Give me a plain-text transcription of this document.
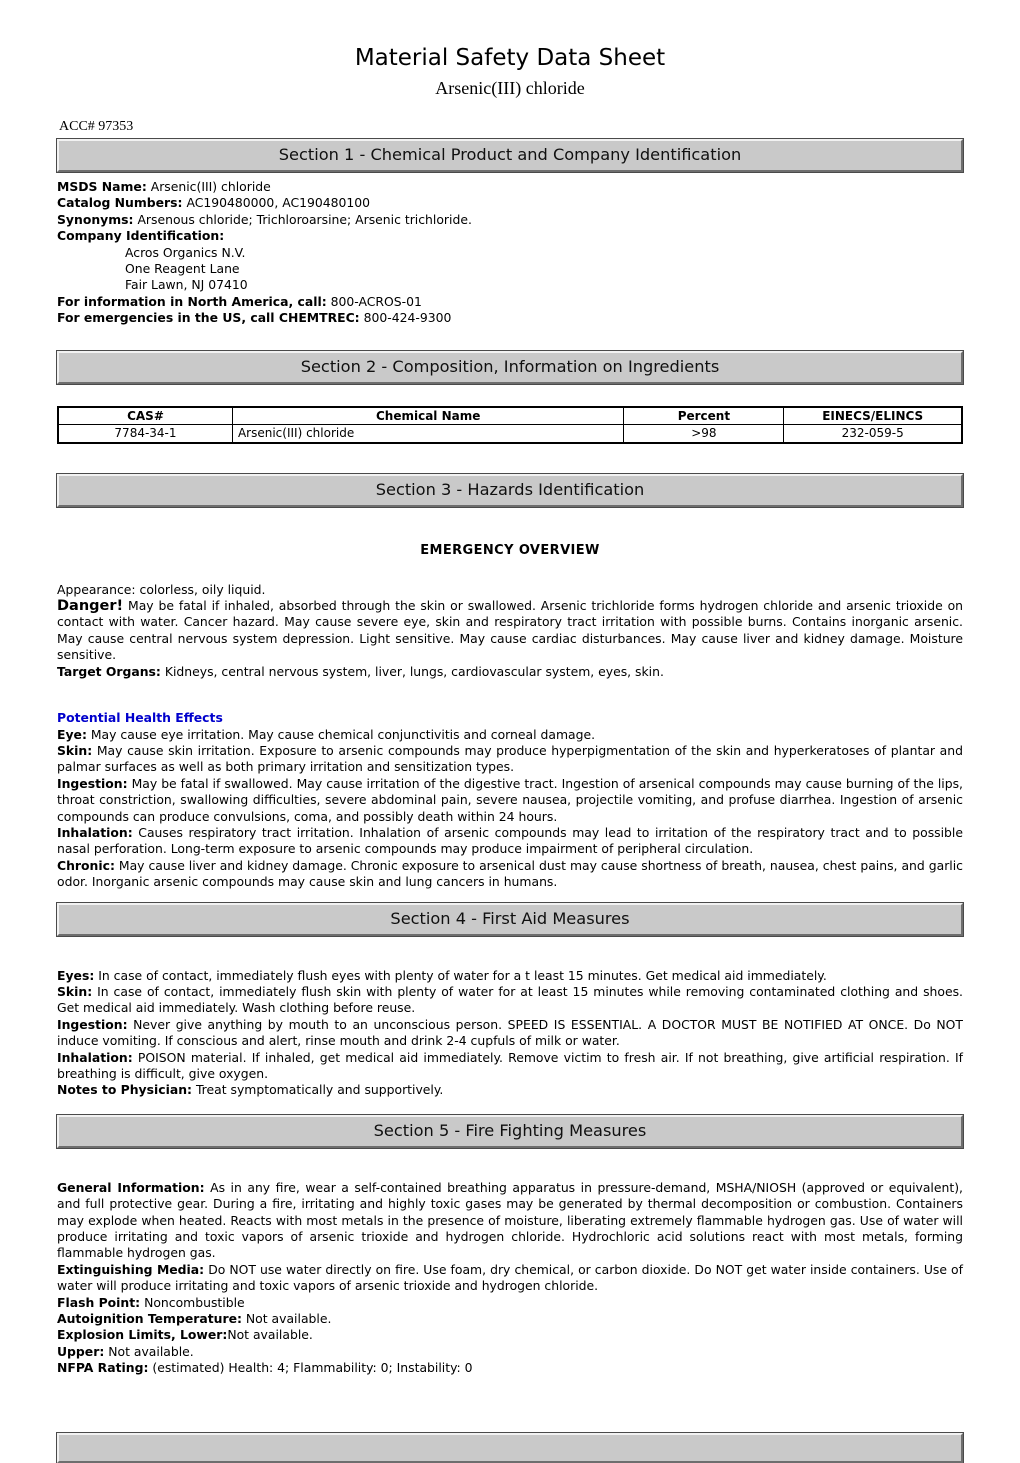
Material Safety Data Sheet
Arsenic(III) chloride
ACC# 97353
Section 1 - Chemical Product and Company Identification

MSDS Name: Arsenic(III) chloride

Catalog Numbers: AC190480000, AC190480100

Synonyms: Arsenous chloride; Trichloroarsine; Arsenic trichloride.

Company Identification:

Acros Organics N.V.

One Reagent Lane

Fair Lawn, NJ 07410

For information in North America, call: 800-ACROS-01

For emergencies in the US, call CHEMTREC: 800-424-9300

Section 2 - Composition, Information on Ingredients
CAS#	Chemical Name	Percent	EINECS/ELINCS
7784-34-1	Arsenic(III) chloride	>98	232-059-5
Section 3 - Hazards Identification

EMERGENCY OVERVIEW

Appearance: colorless, oily liquid.

Danger! May be fatal if inhaled, absorbed through the skin or swallowed. Arsenic trichloride forms hydrogen chloride and arsenic trioxide on contact with water. Cancer hazard. May cause severe eye, skin and respiratory tract irritation with possible burns. Contains inorganic arsenic. May cause central nervous system depression. Light sensitive. May cause cardiac disturbances. May cause liver and kidney damage. Moisture sensitive.

Target Organs: Kidneys, central nervous system, liver, lungs, cardiovascular system, eyes, skin.

Potential Health Effects

Eye: May cause eye irritation. May cause chemical conjunctivitis and corneal damage.

Skin: May cause skin irritation. Exposure to arsenic compounds may produce hyperpigmentation of the skin and hyperkeratoses of plantar and palmar surfaces as well as both primary irritation and sensitization types.

Ingestion: May be fatal if swallowed. May cause irritation of the digestive tract. Ingestion of arsenical compounds may cause burning of the lips, throat constriction, swallowing difficulties, severe abdominal pain, severe nausea, projectile vomiting, and profuse diarrhea. Ingestion of arsenic compounds can produce convulsions, coma, and possibly death within 24 hours.

Inhalation: Causes respiratory tract irritation. Inhalation of arsenic compounds may lead to irritation of the respiratory tract and to possible nasal perforation. Long-term exposure to arsenic compounds may produce impairment of peripheral circulation.

Chronic: May cause liver and kidney damage. Chronic exposure to arsenical dust may cause shortness of breath, nausea, chest pains, and garlic odor. Inorganic arsenic compounds may cause skin and lung cancers in humans.

Section 4 - First Aid Measures

Eyes: In case of contact, immediately flush eyes with plenty of water for a t least 15 minutes. Get medical aid immediately.

Skin: In case of contact, immediately flush skin with plenty of water for at least 15 minutes while removing contaminated clothing and shoes. Get medical aid immediately. Wash clothing before reuse.

Ingestion: Never give anything by mouth to an unconscious person. SPEED IS ESSENTIAL. A DOCTOR MUST BE NOTIFIED AT ONCE. Do NOT induce vomiting. If conscious and alert, rinse mouth and drink 2-4 cupfuls of milk or water.

Inhalation: POISON material. If inhaled, get medical aid immediately. Remove victim to fresh air. If not breathing, give artificial respiration. If breathing is difficult, give oxygen.

Notes to Physician: Treat symptomatically and supportively.

Section 5 - Fire Fighting Measures

General Information: As in any fire, wear a self-contained breathing apparatus in pressure-demand, MSHA/NIOSH (approved or equivalent), and full protective gear. During a fire, irritating and highly toxic gases may be generated by thermal decomposition or combustion. Containers may explode when heated. Reacts with most metals in the presence of moisture, liberating extremely flammable hydrogen gas. Use of water will produce irritating and toxic vapors of arsenic trioxide and hydrogen chloride. Hydrochloric acid solutions react with most metals, forming flammable hydrogen gas.

Extinguishing Media: Do NOT use water directly on fire. Use foam, dry chemical, or carbon dioxide. Do NOT get water inside containers. Use of water will produce irritating and toxic vapors of arsenic trioxide and hydrogen chloride.

Flash Point: Noncombustible

Autoignition Temperature: Not available.

Explosion Limits, Lower:Not available.

Upper: Not available.

NFPA Rating: (estimated) Health: 4; Flammability: 0; Instability: 0
